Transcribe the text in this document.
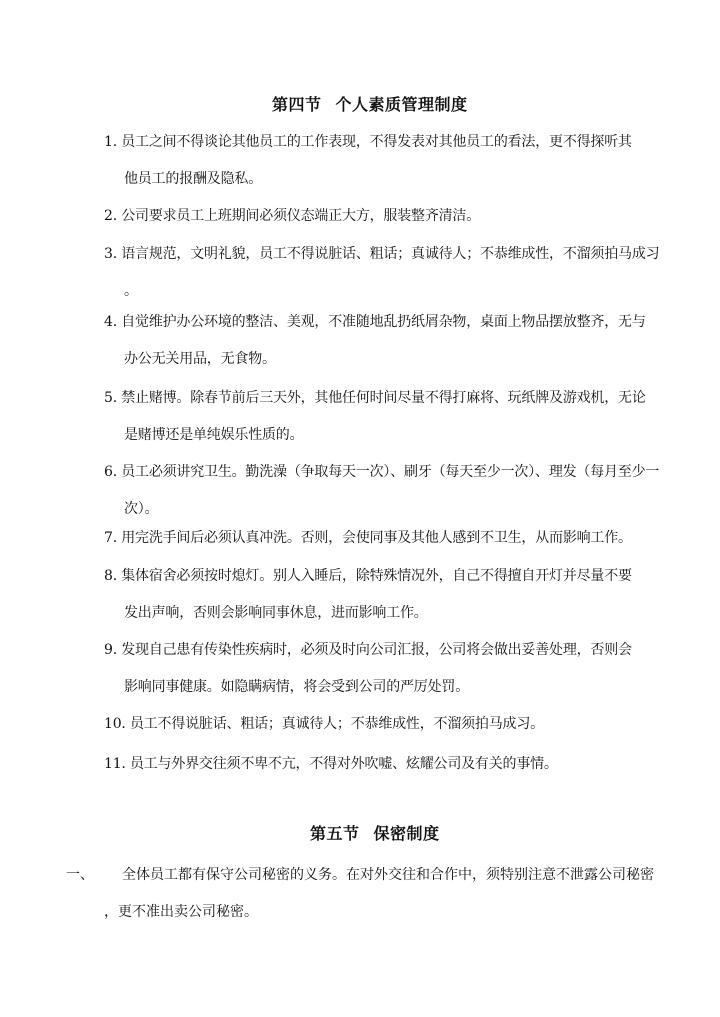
第四节 个人素质管理制度
1. 员工之间不得谈论其他员工的工作表现，不得发表对其他员工的看法，更不得探听其
他员工的报酬及隐私。
2. 公司要求员工上班期间必须仪态端正大方，服装整齐清洁。
3. 语言规范，文明礼貌，员工不得说脏话、粗话；真诚待人；不恭维成性，不溜须拍马成习
。
4. 自觉维护办公环境的整洁、美观，不准随地乱扔纸屑杂物，桌面上物品摆放整齐，无与
办公无关用品，无食物。
5. 禁止赌博。除春节前后三天外，其他任何时间尽量不得打麻将、玩纸牌及游戏机，无论
是赌博还是单纯娱乐性质的。
6. 员工必须讲究卫生。勤洗澡（争取每天一次）、刷牙（每天至少一次）、理发（每月至少一
次）。
7. 用完洗手间后必须认真冲洗。否则，会使同事及其他人感到不卫生，从而影响工作。
8. 集体宿舍必须按时熄灯。别人入睡后，除特殊情况外，自己不得擅自开灯并尽量不要
发出声响，否则会影响同事休息，进而影响工作。
9. 发现自己患有传染性疾病时，必须及时向公司汇报，公司将会做出妥善处理，否则会
影响同事健康。如隐瞒病情，将会受到公司的严厉处罚。
10. 员工不得说脏话、粗话；真诚待人；不恭维成性，不溜须拍马成习。
11. 员工与外界交往须不卑不亢，不得对外吹嘘、炫耀公司及有关的事情。
第五节 保密制度
一、 全体员工都有保守公司秘密的义务。在对外交往和合作中，须特别注意不泄露公司秘密
，更不准出卖公司秘密。
